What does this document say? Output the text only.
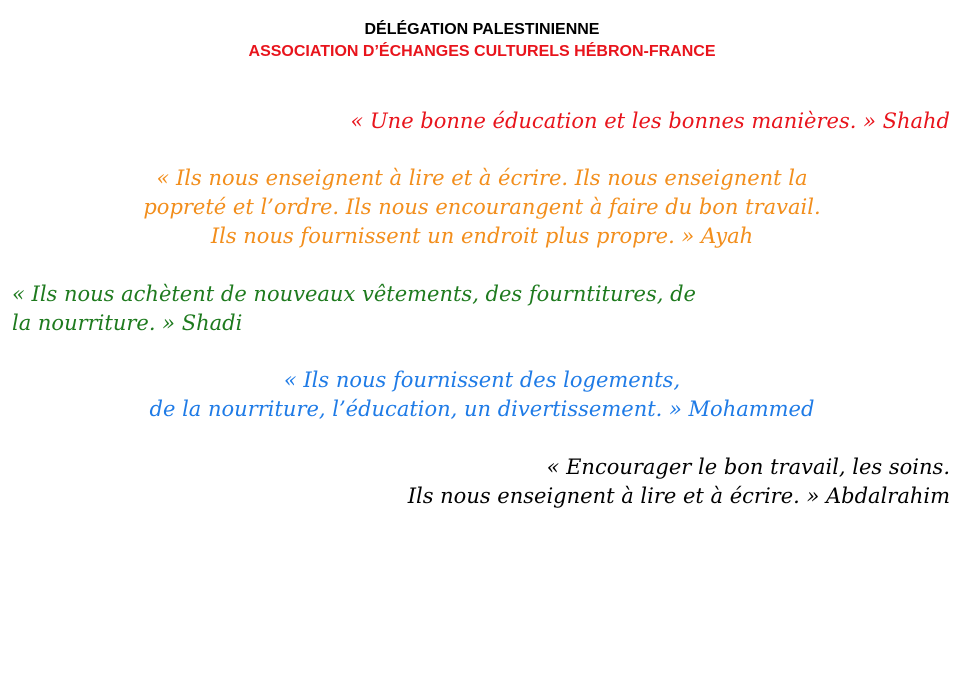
DÉLÉGATION PALESTINIENNE
ASSOCIATION D’ÉCHANGES CULTURELS HÉBRON-FRANCE
« Une bonne éducation et les bonnes manières. » Shahd
« Ils nous enseignent à lire et à écrire. Ils nous enseignent la
popreté et l’ordre. Ils nous encourangent à faire du bon travail.
Ils nous fournissent un endroit plus propre. » Ayah
« Ils nous achètent de nouveaux vêtements, des fourntitures, de
la nourriture. » Shadi
« Ils nous fournissent des logements,
de la nourriture, l’éducation, un divertissement. » Mohammed
« Encourager le bon travail, les soins.
Ils nous enseignent à lire et à écrire. » Abdalrahim
